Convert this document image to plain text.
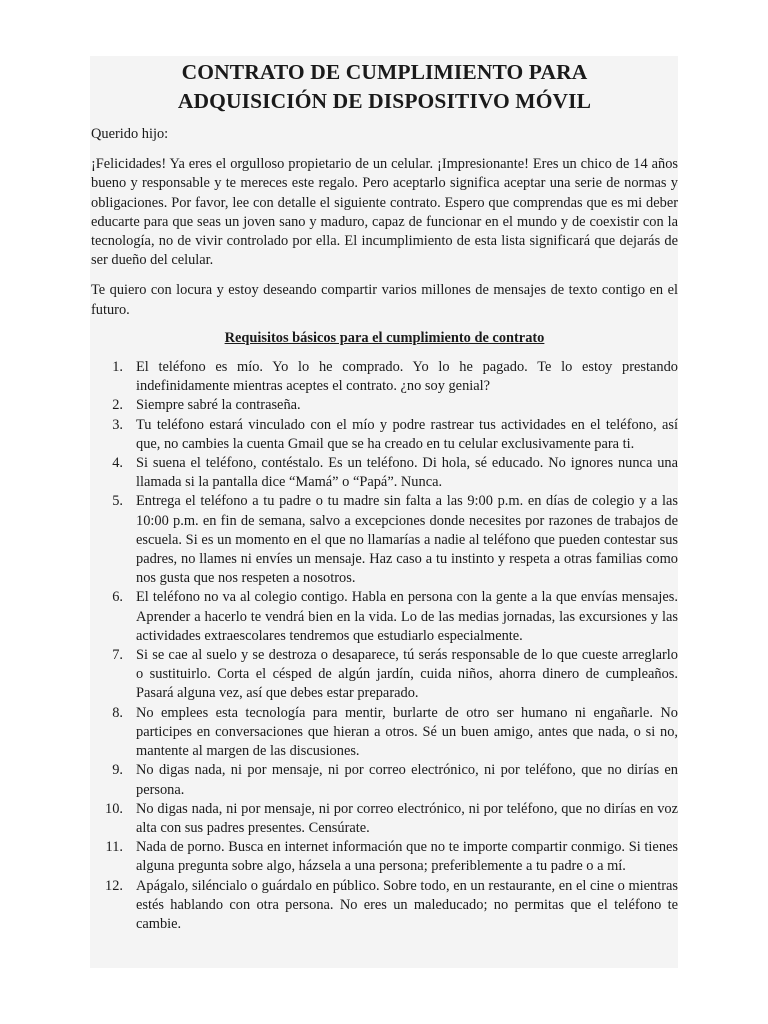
CONTRATO DE CUMPLIMIENTO PARA
ADQUISICIÓN DE DISPOSITIVO MÓVIL

Querido hijo:

¡Felicidades! Ya eres el orgulloso propietario de un celular. ¡Impresionante! Eres un chico de 14 años bueno y responsable y te mereces este regalo. Pero aceptarlo significa aceptar una serie de normas y obligaciones. Por favor, lee con detalle el siguiente contrato. Espero que comprendas que es mi deber educarte para que seas un joven sano y maduro, capaz de funcionar en el mundo y de coexistir con la tecnología, no de vivir controlado por ella. El incumplimiento de esta lista significará que dejarás de ser dueño del celular.

Te quiero con locura y estoy deseando compartir varios millones de mensajes de texto contigo en el futuro.

Requisitos básicos para el cumplimiento de contrato
1. El teléfono es mío. Yo lo he comprado. Yo lo he pagado. Te lo estoy prestando indefinidamente mientras aceptes el contrato. ¿no soy genial?
2. Siempre sabré la contraseña.
3. Tu teléfono estará vinculado con el mío y podre rastrear tus actividades en el teléfono, así que, no cambies la cuenta Gmail que se ha creado en tu celular exclusivamente para ti.
4. Si suena el teléfono, contéstalo. Es un teléfono. Di hola, sé educado. No ignores nunca una llamada si la pantalla dice “Mamá” o “Papá”. Nunca.
5. Entrega el teléfono a tu padre o tu madre sin falta a las 9:00 p.m. en días de colegio y a las 10:00 p.m. en fin de semana, salvo a excepciones donde necesites por razones de trabajos de escuela. Si es un momento en el que no llamarías a nadie al teléfono que pueden contestar sus padres, no llames ni envíes un mensaje. Haz caso a tu instinto y respeta a otras familias como nos gusta que nos respeten a nosotros.
6. El teléfono no va al colegio contigo. Habla en persona con la gente a la que envías mensajes. Aprender a hacerlo te vendrá bien en la vida. Lo de las medias jornadas, las excursiones y las actividades extraescolares tendremos que estudiarlo especialmente.
7. Si se cae al suelo y se destroza o desaparece, tú serás responsable de lo que cueste arreglarlo o sustituirlo. Corta el césped de algún jardín, cuida niños, ahorra dinero de cumpleaños. Pasará alguna vez, así que debes estar preparado.
8. No emplees esta tecnología para mentir, burlarte de otro ser humano ni engañarle. No participes en conversaciones que hieran a otros. Sé un buen amigo, antes que nada, o si no, mantente al margen de las discusiones.
9. No digas nada, ni por mensaje, ni por correo electrónico, ni por teléfono, que no dirías en persona.
10. No digas nada, ni por mensaje, ni por correo electrónico, ni por teléfono, que no dirías en voz alta con sus padres presentes. Censúrate.
11. Nada de porno. Busca en internet información que no te importe compartir conmigo. Si tienes alguna pregunta sobre algo, házsela a una persona; preferiblemente a tu padre o a mí.
12. Apágalo, siléncialo o guárdalo en público. Sobre todo, en un restaurante, en el cine o mientras estés hablando con otra persona. No eres un maleducado; no permitas que el teléfono te cambie.
